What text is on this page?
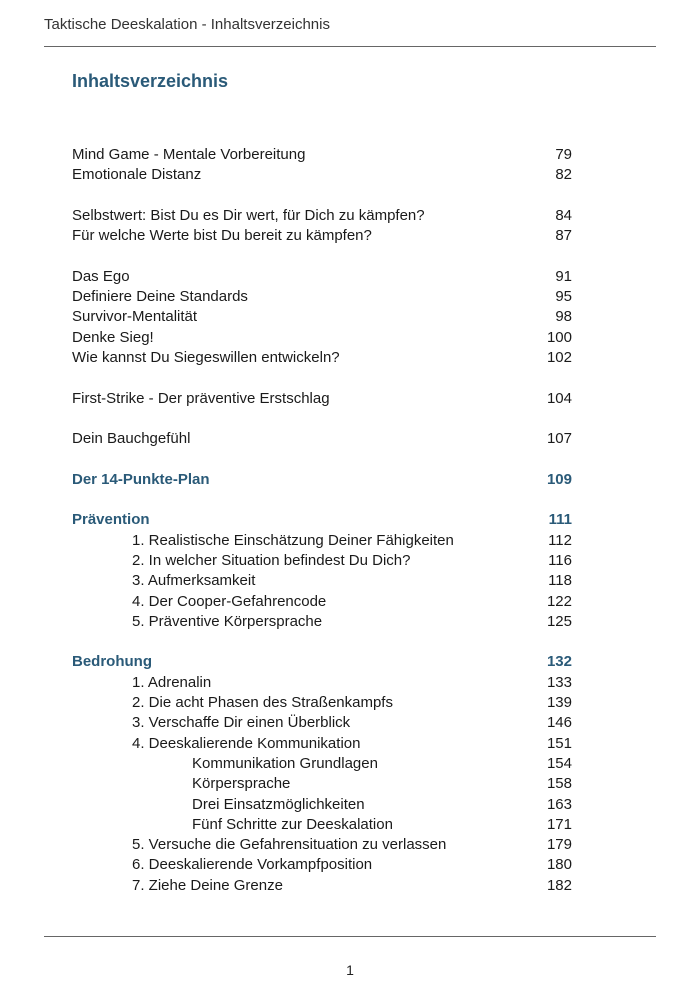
Taktische Deeskalation - Inhaltsverzeichnis
Inhaltsverzeichnis
Mind Game - Mentale Vorbereitung	79
Emotionale Distanz	82
Selbstwert: Bist Du es Dir wert, für Dich zu kämpfen?	84
Für welche Werte bist Du bereit zu kämpfen?	87
Das Ego	91
Definiere Deine Standards	95
Survivor-Mentalität	98
Denke Sieg!	100
Wie kannst Du Siegeswillen entwickeln?	102
First-Strike - Der präventive Erstschlag	104
Dein Bauchgefühl	107
Der 14-Punkte-Plan	109
Prävention	111
1. Realistische Einschätzung Deiner Fähigkeiten	112
2. In welcher Situation befindest Du Dich?	116
3. Aufmerksamkeit	118
4. Der Cooper-Gefahrencode	122
5. Präventive Körpersprache	125
Bedrohung	132
1. Adrenalin	133
2. Die acht Phasen des Straßenkampfs	139
3. Verschaffe Dir einen Überblick	146
4. Deeskalierende Kommunikation	151
Kommunikation Grundlagen	154
Körpersprache	158
Drei Einsatzmöglichkeiten	163
Fünf Schritte zur Deeskalation	171
5. Versuche die Gefahrensituation zu verlassen	179
6. Deeskalierende Vorkampfposition	180
7. Ziehe Deine Grenze	182
1
